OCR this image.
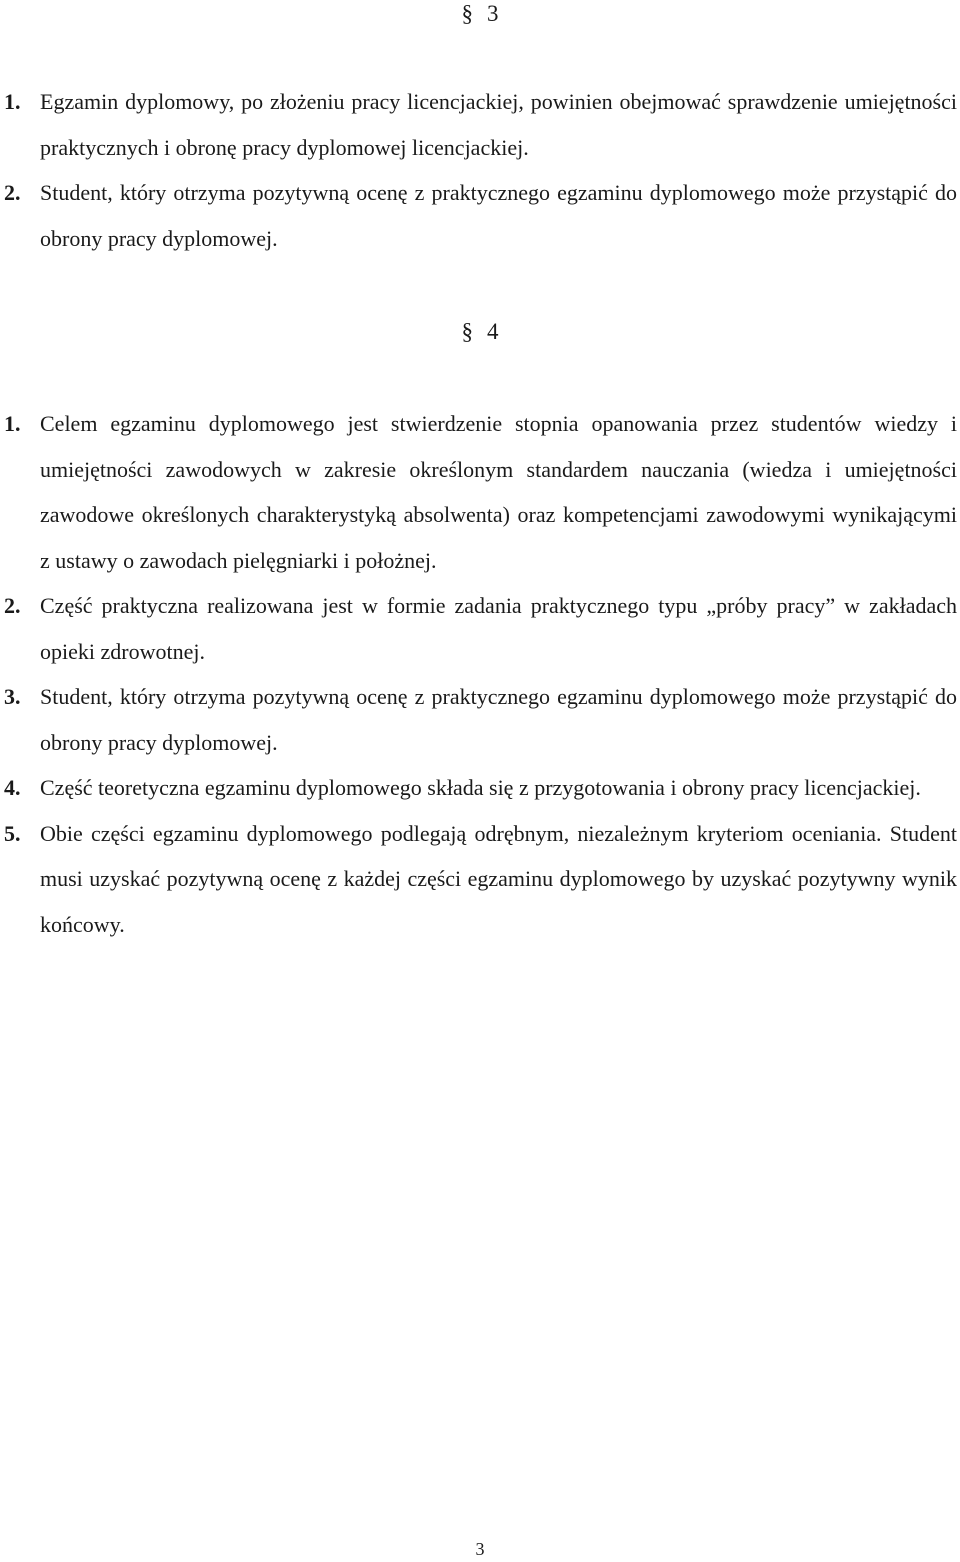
§ 3
1. Egzamin dyplomowy, po złożeniu pracy licencjackiej, powinien obejmować sprawdzenie umiejętności praktycznych i obronę pracy dyplomowej licencjackiej.
2. Student, który otrzyma pozytywną ocenę z praktycznego egzaminu dyplomowego może przystąpić do obrony pracy dyplomowej.
§ 4
1. Celem egzaminu dyplomowego jest stwierdzenie stopnia opanowania przez studentów wiedzy i umiejętności zawodowych w zakresie określonym standardem nauczania (wiedza i umiejętności zawodowe określonych charakterystyką absolwenta) oraz kompetencjami zawodowymi wynikającymi z ustawy o zawodach pielęgniarki i położnej.
2. Część praktyczna realizowana jest w formie zadania praktycznego typu „próby pracy” w zakładach opieki zdrowotnej.
3. Student, który otrzyma pozytywną ocenę z praktycznego egzaminu dyplomowego może przystąpić do obrony pracy dyplomowej.
4. Część teoretyczna egzaminu dyplomowego składa się z przygotowania i obrony pracy licencjackiej.
5. Obie części egzaminu dyplomowego podlegają odrębnym, niezależnym kryteriom oceniania. Student musi uzyskać pozytywną ocenę z każdej części egzaminu dyplomowego by uzyskać pozytywny wynik końcowy.
3
